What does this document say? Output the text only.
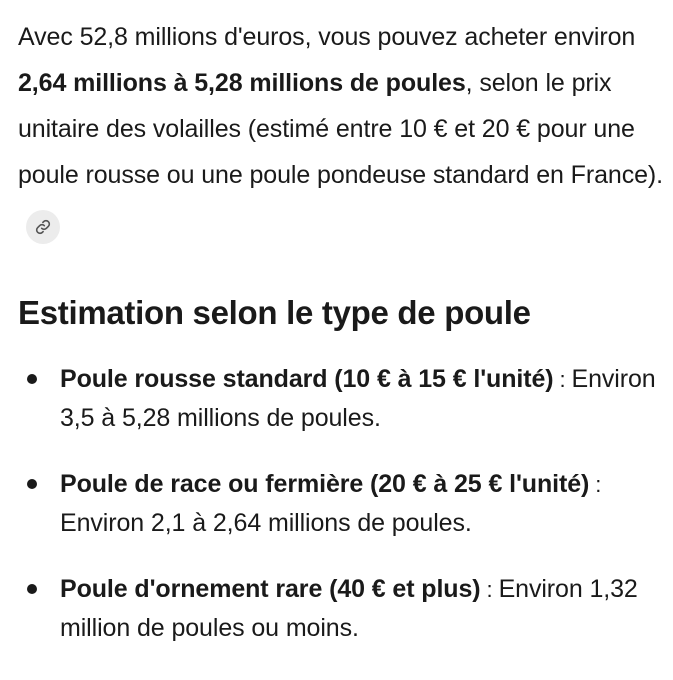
Avec 52,8 millions d'euros, vous pouvez acheter environ 2,64 millions à 5,28 millions de poules, selon le prix unitaire des volailles (estimé entre 10 € et 20 € pour une poule rousse ou une poule pondeuse standard en France).

Estimation selon le type de poule
Poule rousse standard (10 € à 15 € l'unité) : Environ 3,5 à 5,28 millions de poules.
Poule de race ou fermière (20 € à 25 € l'unité) : Environ 2,1 à 2,64 millions de poules.
Poule d'ornement rare (40 € et plus) : Environ 1,32 million de poules ou moins.
